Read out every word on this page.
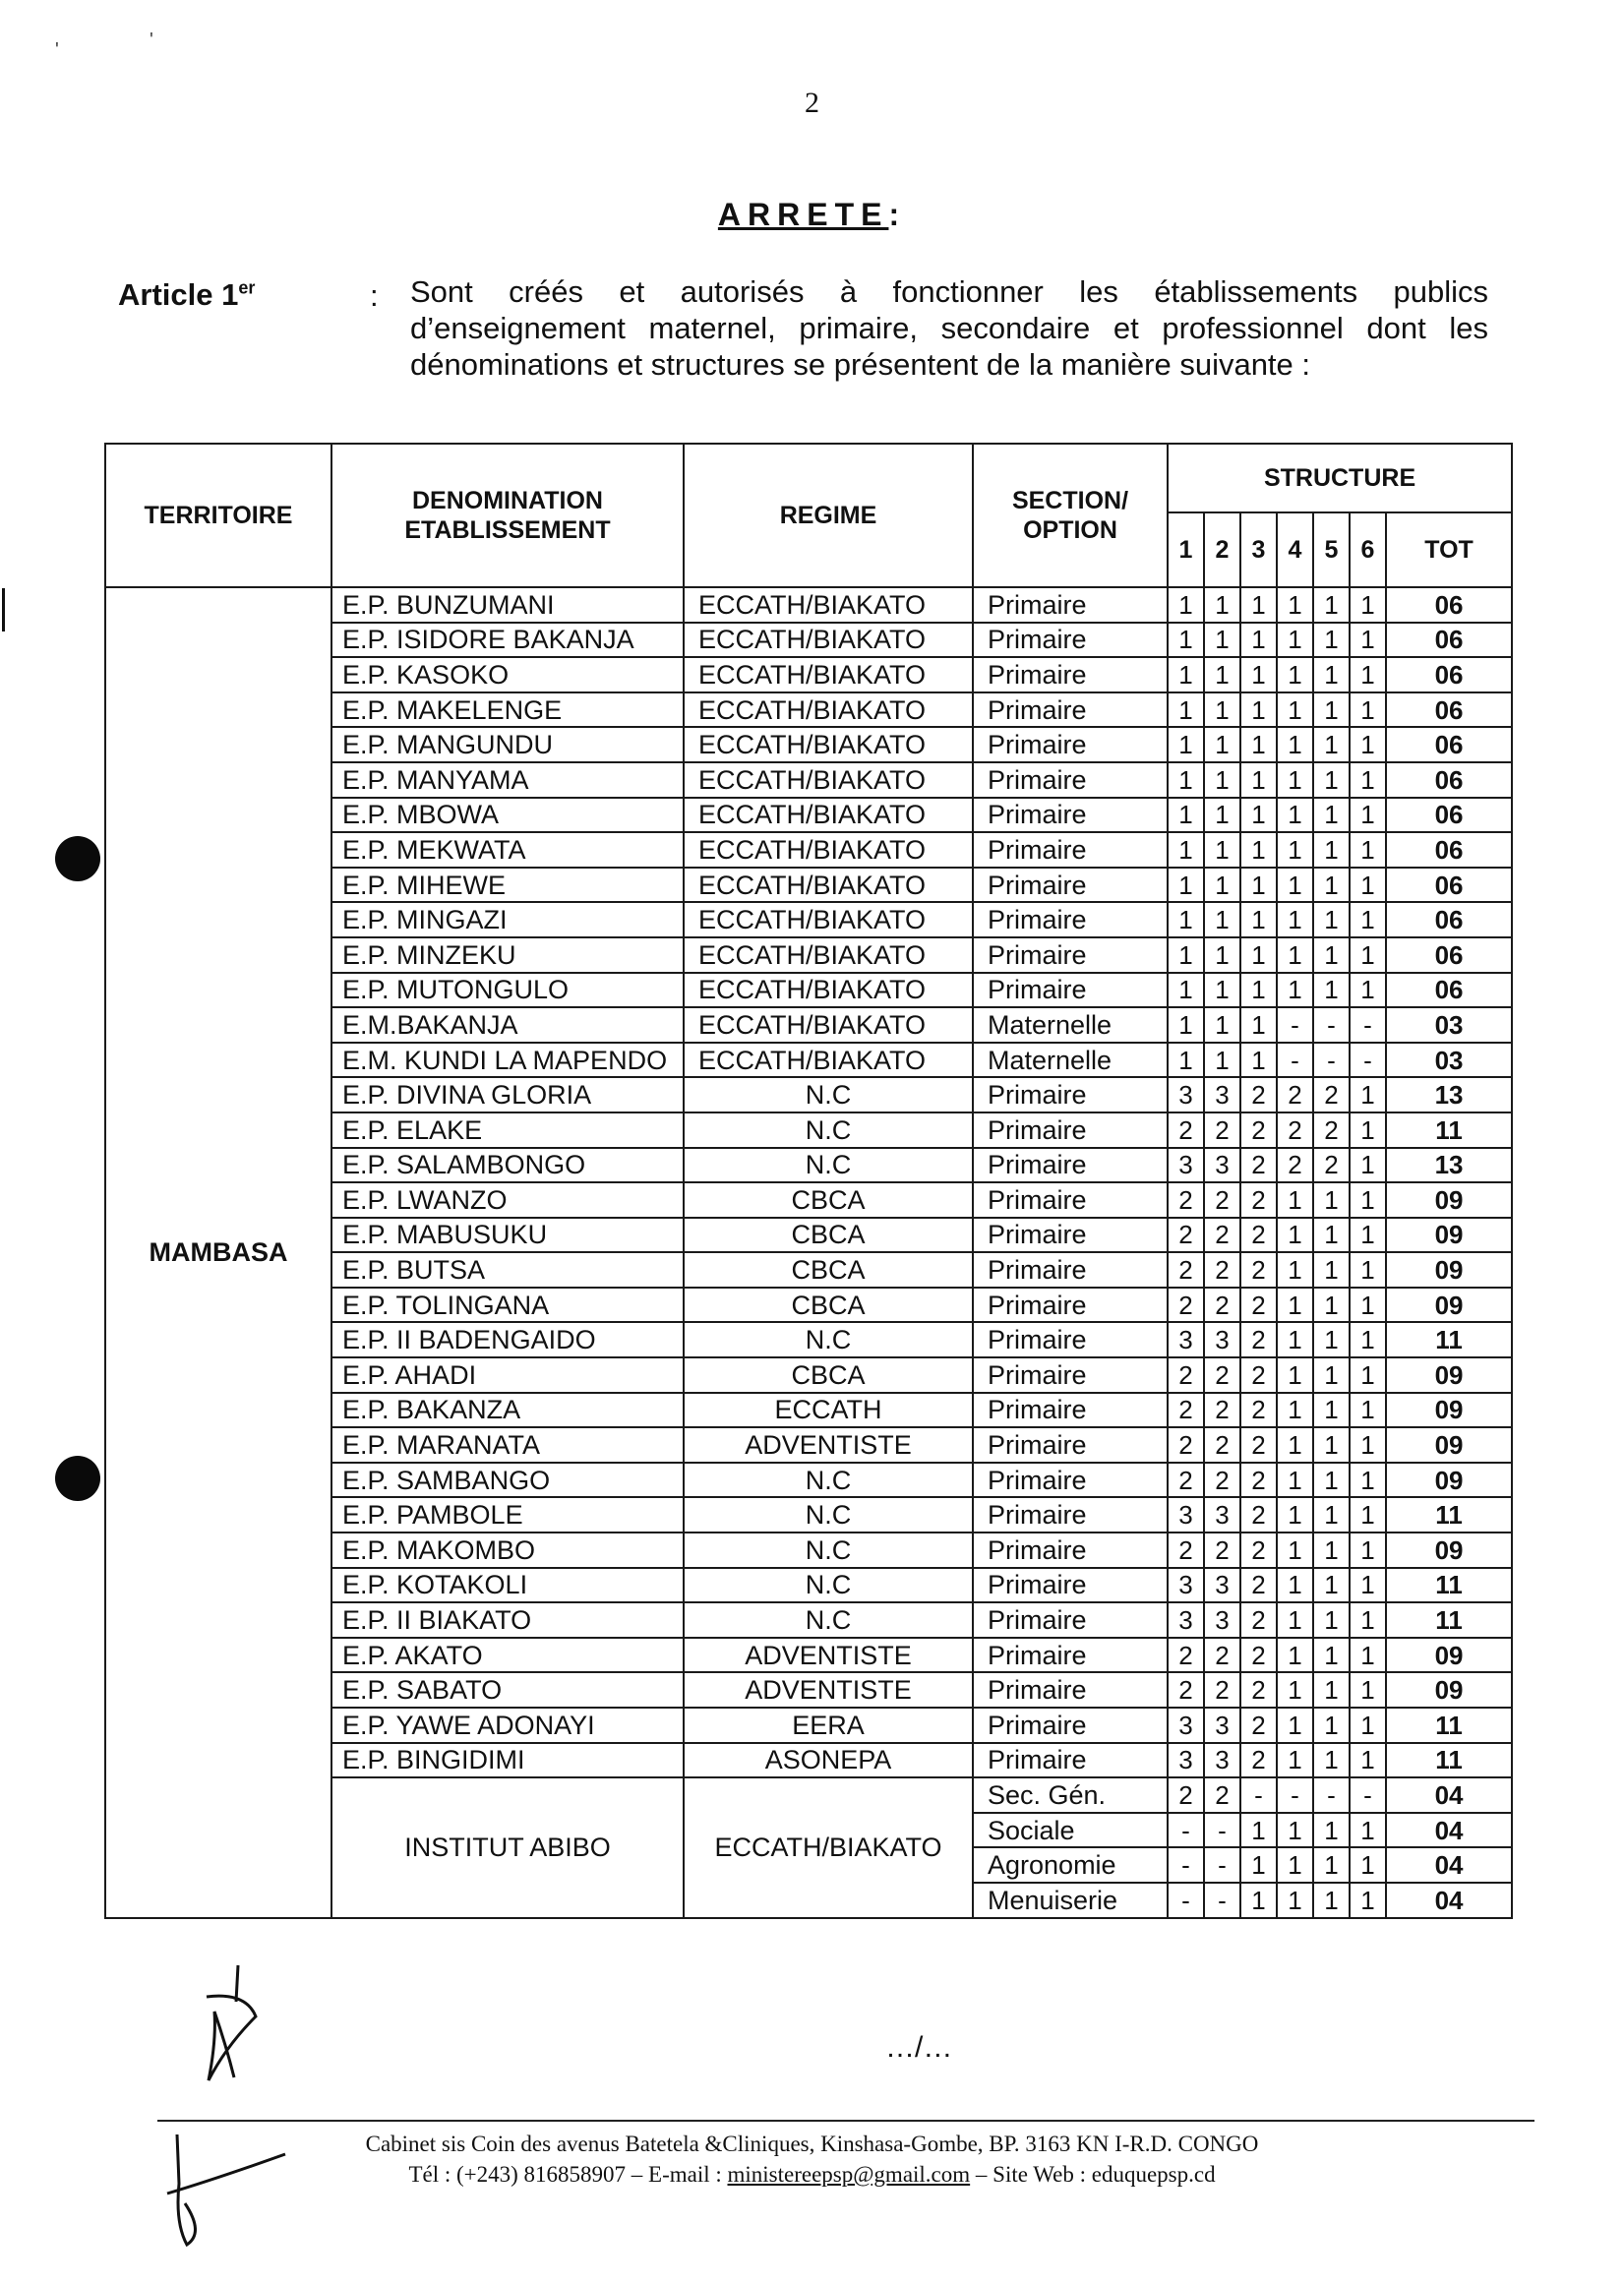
2
ARRETE:
Article 1er	: Sont créés et autorisés à fonctionner les établissements publics d’enseignement maternel, primaire, secondaire et professionnel dont les dénominations et structures se présentent de la manière suivante :
TERRITOIRE	DENOMINATION ETABLISSEMENT	REGIME	SECTION/ OPTION	STRUCTURE						
				1	2	3	4	5	6	TOT
MAMBASA	E.P. BUNZUMANI	ECCATH/BIAKATO	Primaire	1	1	1	1	1	1	06
	E.P. ISIDORE BAKANJA	ECCATH/BIAKATO	Primaire	1	1	1	1	1	1	06
	E.P. KASOKO	ECCATH/BIAKATO	Primaire	1	1	1	1	1	1	06
	E.P. MAKELENGE	ECCATH/BIAKATO	Primaire	1	1	1	1	1	1	06
	E.P. MANGUNDU	ECCATH/BIAKATO	Primaire	1	1	1	1	1	1	06
	E.P. MANYAMA	ECCATH/BIAKATO	Primaire	1	1	1	1	1	1	06
	E.P. MBOWA	ECCATH/BIAKATO	Primaire	1	1	1	1	1	1	06
	E.P. MEKWATA	ECCATH/BIAKATO	Primaire	1	1	1	1	1	1	06
	E.P. MIHEWE	ECCATH/BIAKATO	Primaire	1	1	1	1	1	1	06
	E.P. MINGAZI	ECCATH/BIAKATO	Primaire	1	1	1	1	1	1	06
	E.P. MINZEKU	ECCATH/BIAKATO	Primaire	1	1	1	1	1	1	06
	E.P. MUTONGULO	ECCATH/BIAKATO	Primaire	1	1	1	1	1	1	06
	E.M.BAKANJA	ECCATH/BIAKATO	Maternelle	1	1	1	-	-	-	03
	E.M. KUNDI LA MAPENDO	ECCATH/BIAKATO	Maternelle	1	1	1	-	-	-	03
	E.P. DIVINA GLORIA	N.C	Primaire	3	3	2	2	2	1	13
	E.P. ELAKE	N.C	Primaire	2	2	2	2	2	1	11
	E.P. SALAMBONGO	N.C	Primaire	3	3	2	2	2	1	13
	E.P. LWANZO	CBCA	Primaire	2	2	2	1	1	1	09
	E.P. MABUSUKU	CBCA	Primaire	2	2	2	1	1	1	09
	E.P. BUTSA	CBCA	Primaire	2	2	2	1	1	1	09
	E.P. TOLINGANA	CBCA	Primaire	2	2	2	1	1	1	09
	E.P. II BADENGAIDO	N.C	Primaire	3	3	2	1	1	1	11
	E.P. AHADI	CBCA	Primaire	2	2	2	1	1	1	09
	E.P. BAKANZA	ECCATH	Primaire	2	2	2	1	1	1	09
	E.P. MARANATA	ADVENTISTE	Primaire	2	2	2	1	1	1	09
	E.P. SAMBANGO	N.C	Primaire	2	2	2	1	1	1	09
	E.P. PAMBOLE	N.C	Primaire	3	3	2	1	1	1	11
	E.P. MAKOMBO	N.C	Primaire	2	2	2	1	1	1	09
	E.P. KOTAKOLI	N.C	Primaire	3	3	2	1	1	1	11
	E.P. II BIAKATO	N.C	Primaire	3	3	2	1	1	1	11
	E.P. AKATO	ADVENTISTE	Primaire	2	2	2	1	1	1	09
	E.P. SABATO	ADVENTISTE	Primaire	2	2	2	1	1	1	09
	E.P. YAWE ADONAYI	EERA	Primaire	3	3	2	1	1	1	11
	E.P. BINGIDIMI	ASONEPA	Primaire	3	3	2	1	1	1	11
	INSTITUT ABIBO	ECCATH/BIAKATO	Sec. Gén.	2	2	-	-	-	-	04
			Sociale	-	-	1	1	1	1	04
			Agronomie	-	-	1	1	1	1	04
			Menuiserie	-	-	1	1	1	1	04
…/…
Cabinet sis Coin des avenus Batetela &Cliniques, Kinshasa-Gombe, BP. 3163 KN I-R.D. CONGO
Tél : (+243) 816858907 – E-mail : ministereepsp@gmail.com – Site Web : eduquepsp.cd
'	'
